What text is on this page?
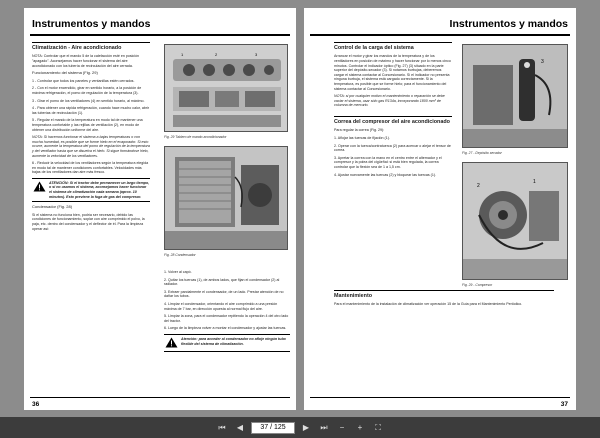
Instrumentos y mandos
Climatización - Aire acondicionado
NOTA: Controlar que el mando 5 de la calefacción esté en posición "apagado". Aconsejamos hacer funcionar el sistema del aire acondicionado con los tubería de recirculación del aire cerrada.
Funcionamiento del sistema (Fig. 29)
1 - Controlar que todos los paneles y ventanillas estén cerrados.
2 - Con el motor encendido, girar en sentido horario, a la posición de máxima refrigeración, el pomo de regulación de la temperatura (3).
3 - Girar el pomo de los ventiladores (4) en sentido horario, al máximo.
4 - Para obtener una rápida refrigeración, cuando hace mucho calor, abrir las tuberías de recirculación (1).
5 - Regular el mando de la temperatura en modo tal de mantener una temperatura confortable y las rejillas de ventilación (2), en modo de obtener una distribución uniforme del aire.
NOTA: Si hacemos funcionar el sistema a bajas temperaturas o con mucha humedad, es posible que se forme hielo en el evaporador. Si esto ocurre, aumente la temperatura del pomo de regulación de la temperatura y del ventilador hasta que se disuelva el hielo. Si sigue formándose hielo, aumente la velocidad de los ventiladores.
6 - Reducir la velocidad de los ventiladores según la temperatura elegida en modo tal de mantener condiciones confortables. Velocidades más bajas de los ventiladores dan aire más fresco.
ATENCIÓN: Si el tractor debe permanecer un largo tiempo, o si no usamos el sistema, aconsejamos hacer funcionar el sistema de climatización cada semana (aprox. 10 minutos). Esto previene la fuga de gas del compresor.
Condensador (Fig. 28)
Si el sistema no funciona bien, podría ser necesario, debido las condiciones de funcionamiento, soplar con aire comprimido el polvo, la paja, etc. dentro del condensador y el deflector de él. Para la limpieza operar así:
1	2	3
Fig. 29 Tablero de mando acondicionador
Fig. 28 Condensador
1. Volver al capó.
2. Quitar los tuercas (1), de ambos lados, que fijan el condensador (2) al radiador.
3. Extraer parcialmente el condensador, de un lado. Prestar atención de no dañar los tubos.
4. Limpiar el condensador, orientando el aire comprimido a una presión máxima de 7 bar, en dirección opuesta al normal flujo del aire.
5. Limpiar la zona, para el condensador repitiendo la operación 4 del otro lado del tractor.
6. Luego de la limpieza volver a montar el condensador y ajustar las tuercas.
Atención: para acceder al condensador no afloje ningún tubo flexible del sistema de climatización.
36
Instrumentos y mandos
Control de la carga del sistema
Arrancar el motor y girar los mandos de la temperatura y de los ventiladores en posición de máximo y hacer funcionar por lo menos cinco minutos. Controlar el indicador óptico (Fig. 27) (3) situado en la parte superior del depósito-secador (3). Si notamos burbujas, deberemos cargar el sistema contactar al Concesionario. Si el indicador no presenta ninguna burbuja, el sistema está cargado correctamente. Si la temperatura, es posible que se forme hielo; para el funcionamiento del sistema contactar al Concesionario.
NOTA: si por cualquier motivo el mantenimiento o reparación se debe vaciar el sistema, usar sólo gas R134a, incorporando 1800 mm³ de columna de mercurio.
Correa del compresor del aire acondicionado
Para regular la correa (Fig. 29):
1. Aflojar las tuercas de fijación (1).
2. Operar con la tuerca/contratuerca (2) para acercar o alejar el tensor de correa.
3. Apretar la correa con la mano en el centro entre el alternador y el compresor y la polea del cigüeñal: si está bien regulada, la correa controlar que la flexión sea de 1 a 1,5 cm.
4. Ajustar nuevamente las tuercas (2) y bloquear las tuercas (1).
Mantenimiento
Para el mantenimiento de la instalación de climatización ver operación 15 de la Guía para el Mantenimiento Periódico.
3
Fig. 27 - Depósito secador
1
2
Fig. 29 - Compresor
37
⏮	◀	37 / 125	▶	⏭	−	+	⛶
